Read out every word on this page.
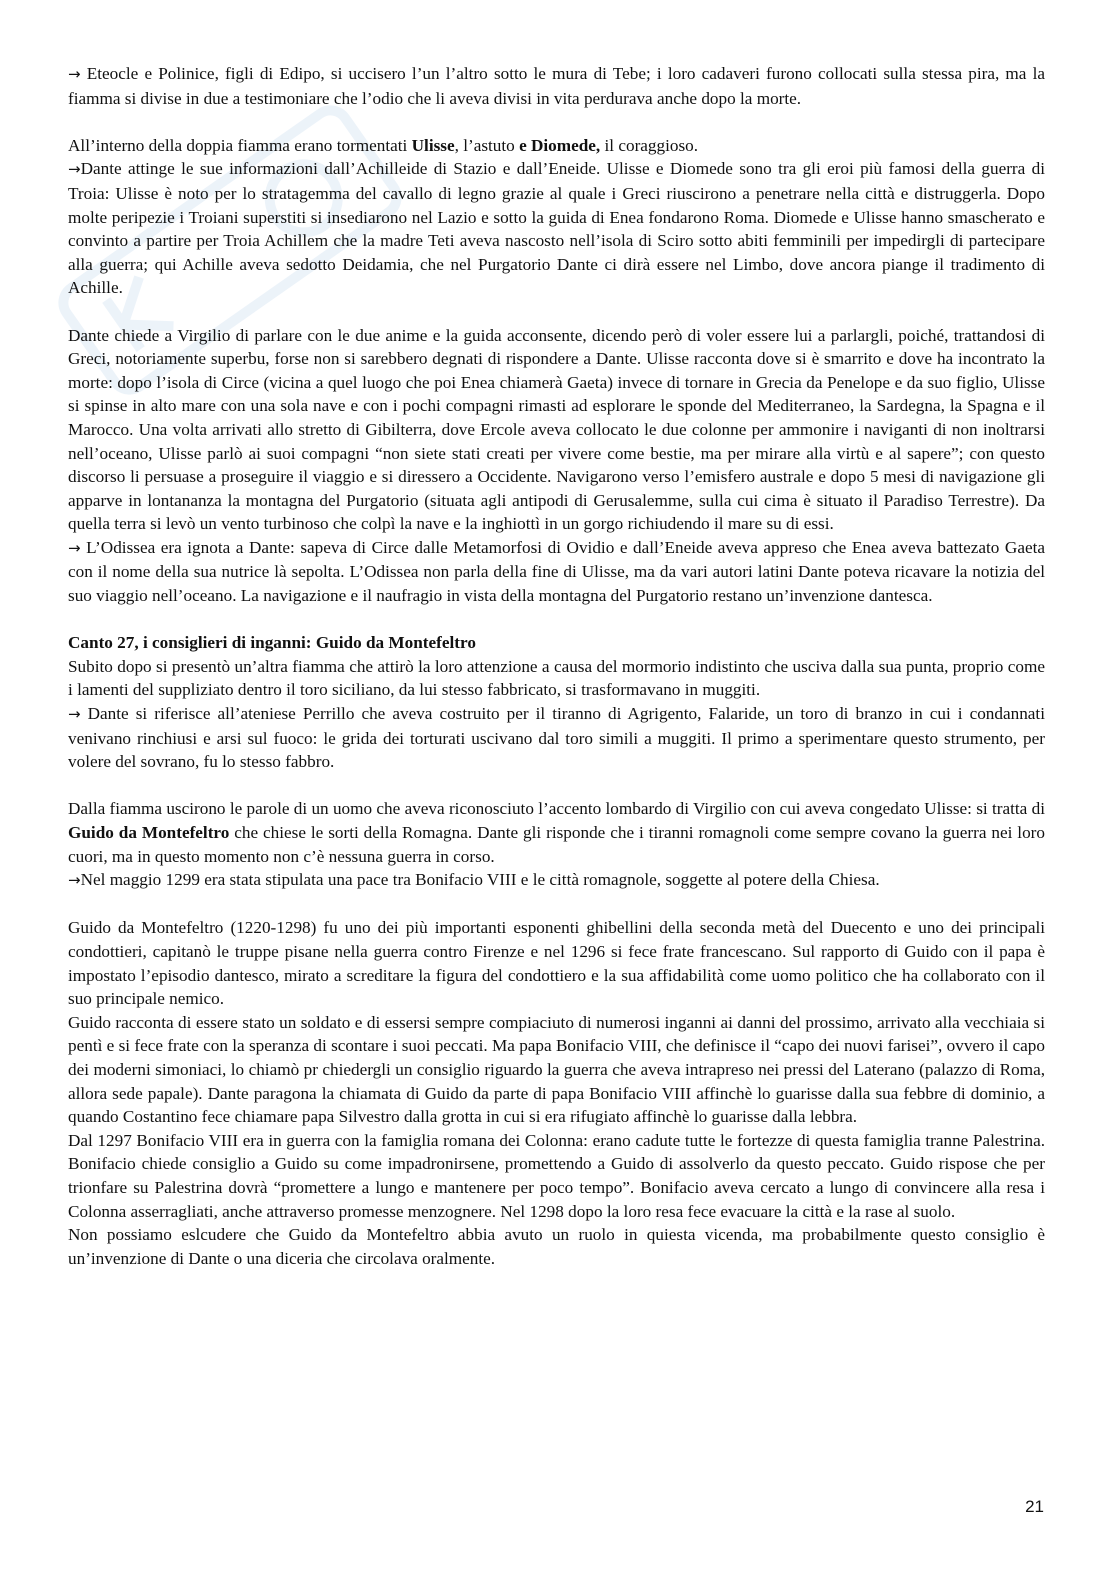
→ Eteocle e Polinice, figli di Edipo, si uccisero l’un l’altro sotto le mura di Tebe; i loro cadaveri furono collocati sulla stessa pira, ma la fiamma si divise in due a testimoniare che l’odio che li aveva divisi in vita perdurava anche dopo la morte.

All’interno della doppia fiamma erano tormentati Ulisse, l’astuto e Diomede, il coraggioso.

→Dante attinge le sue informazioni dall’Achilleide di Stazio e dall’Eneide. Ulisse e Diomede sono tra gli eroi più famosi della guerra di Troia: Ulisse è noto per lo stratagemma del cavallo di legno grazie al quale i Greci riuscirono a penetrare nella città e distruggerla. Dopo molte peripezie i Troiani superstiti si insediarono nel Lazio e sotto la guida di Enea fondarono Roma. Diomede e Ulisse hanno smascherato e convinto a partire per Troia Achillem che la madre Teti aveva nascosto nell’isola di Sciro sotto abiti femminili per impedirgli di partecipare alla guerra; qui Achille aveva sedotto Deidamia, che nel Purgatorio Dante ci dirà essere nel Limbo, dove ancora piange il tradimento di Achille.

Dante chiede a Virgilio di parlare con le due anime e la guida acconsente, dicendo però di voler essere lui a parlargli, poiché, trattandosi di Greci, notoriamente superbu, forse non si sarebbero degnati di rispondere a Dante. Ulisse racconta dove si è smarrito e dove ha incontrato la morte: dopo l’isola di Circe (vicina a quel luogo che poi Enea chiamerà Gaeta) invece di tornare in Grecia da Penelope e da suo figlio, Ulisse si spinse in alto mare con una sola nave e con i pochi compagni rimasti ad esplorare le sponde del Mediterraneo, la Sardegna, la Spagna e il Marocco. Una volta arrivati allo stretto di Gibilterra, dove Ercole aveva collocato le due colonne per ammonire i naviganti di non inoltrarsi nell’oceano, Ulisse parlò ai suoi compagni “non siete stati creati per vivere come bestie, ma per mirare alla virtù e al sapere”; con questo discorso li persuase a proseguire il viaggio e si diressero a Occidente. Navigarono verso l’emisfero australe e dopo 5 mesi di navigazione gli apparve in lontananza la montagna del Purgatorio (situata agli antipodi di Gerusalemme, sulla cui cima è situato il Paradiso Terrestre). Da quella terra si levò un vento turbinoso che colpì la nave e la inghiottì in un gorgo richiudendo il mare su di essi.

→ L’Odissea era ignota a Dante: sapeva di Circe dalle Metamorfosi di Ovidio e dall’Eneide aveva appreso che Enea aveva battezato Gaeta con il nome della sua nutrice là sepolta. L’Odissea non parla della fine di Ulisse, ma da vari autori latini Dante poteva ricavare la notizia del suo viaggio nell’oceano. La navigazione e il naufragio in vista della montagna del Purgatorio restano un’invenzione dantesca.

Canto 27, i consiglieri di inganni: Guido da Montefeltro

Subito dopo si presentò un’altra fiamma che attirò la loro attenzione a causa del mormorio indistinto che usciva dalla sua punta, proprio come i lamenti del suppliziato dentro il toro siciliano, da lui stesso fabbricato, si trasformavano in muggiti.

→ Dante si riferisce all’ateniese Perrillo che aveva costruito per il tiranno di Agrigento, Falaride, un toro di branzo in cui i condannati venivano rinchiusi e arsi sul fuoco: le grida dei torturati uscivano dal toro simili a muggiti. Il primo a sperimentare questo strumento, per volere del sovrano, fu lo stesso fabbro.

Dalla fiamma uscirono le parole di un uomo che aveva riconosciuto l’accento lombardo di Virgilio con cui aveva congedato Ulisse: si tratta di Guido da Montefeltro che chiese le sorti della Romagna. Dante gli risponde che i tiranni romagnoli come sempre covano la guerra nei loro cuori, ma in questo momento non c’è nessuna guerra in corso.

→Nel maggio 1299 era stata stipulata una pace tra Bonifacio VIII e le città romagnole, soggette al potere della Chiesa.

Guido da Montefeltro (1220-1298) fu uno dei più importanti esponenti ghibellini della seconda metà del Duecento e uno dei principali condottieri, capitanò le truppe pisane nella guerra contro Firenze e nel 1296 si fece frate francescano. Sul rapporto di Guido con il papa è impostato l’episodio dantesco, mirato a screditare la figura del condottiero e la sua affidabilità come uomo politico che ha collaborato con il suo principale nemico.

Guido racconta di essere stato un soldato e di essersi sempre compiaciuto di numerosi inganni ai danni del prossimo, arrivato alla vecchiaia si pentì e si fece frate con la speranza di scontare i suoi peccati. Ma papa Bonifacio VIII, che definisce il “capo dei nuovi farisei”, ovvero il capo dei moderni simoniaci, lo chiamò pr chiedergli un consiglio riguardo la guerra che aveva intrapreso nei pressi del Laterano (palazzo di Roma, allora sede papale). Dante paragona la chiamata di Guido da parte di papa Bonifacio VIII affinchè lo guarisse dalla sua febbre di dominio, a quando Costantino fece chiamare papa Silvestro dalla grotta in cui si era rifugiato affinchè lo guarisse dalla lebbra.

Dal 1297 Bonifacio VIII era in guerra con la famiglia romana dei Colonna: erano cadute tutte le fortezze di questa famiglia tranne Palestrina. Bonifacio chiede consiglio a Guido su come impadronirsene, promettendo a Guido di assolverlo da questo peccato. Guido rispose che per trionfare su Palestrina dovrà “promettere a lungo e mantenere per poco tempo”. Bonifacio aveva cercato a lungo di convincere alla resa i Colonna asserragliati, anche attraverso promesse menzognere. Nel 1298 dopo la loro resa fece evacuare la città e la rase al suolo.

Non possiamo eslcudere che Guido da Montefeltro abbia avuto un ruolo in quiesta vicenda, ma probabilmente questo consiglio è un’invenzione di Dante o una diceria che circolava oralmente.

21
